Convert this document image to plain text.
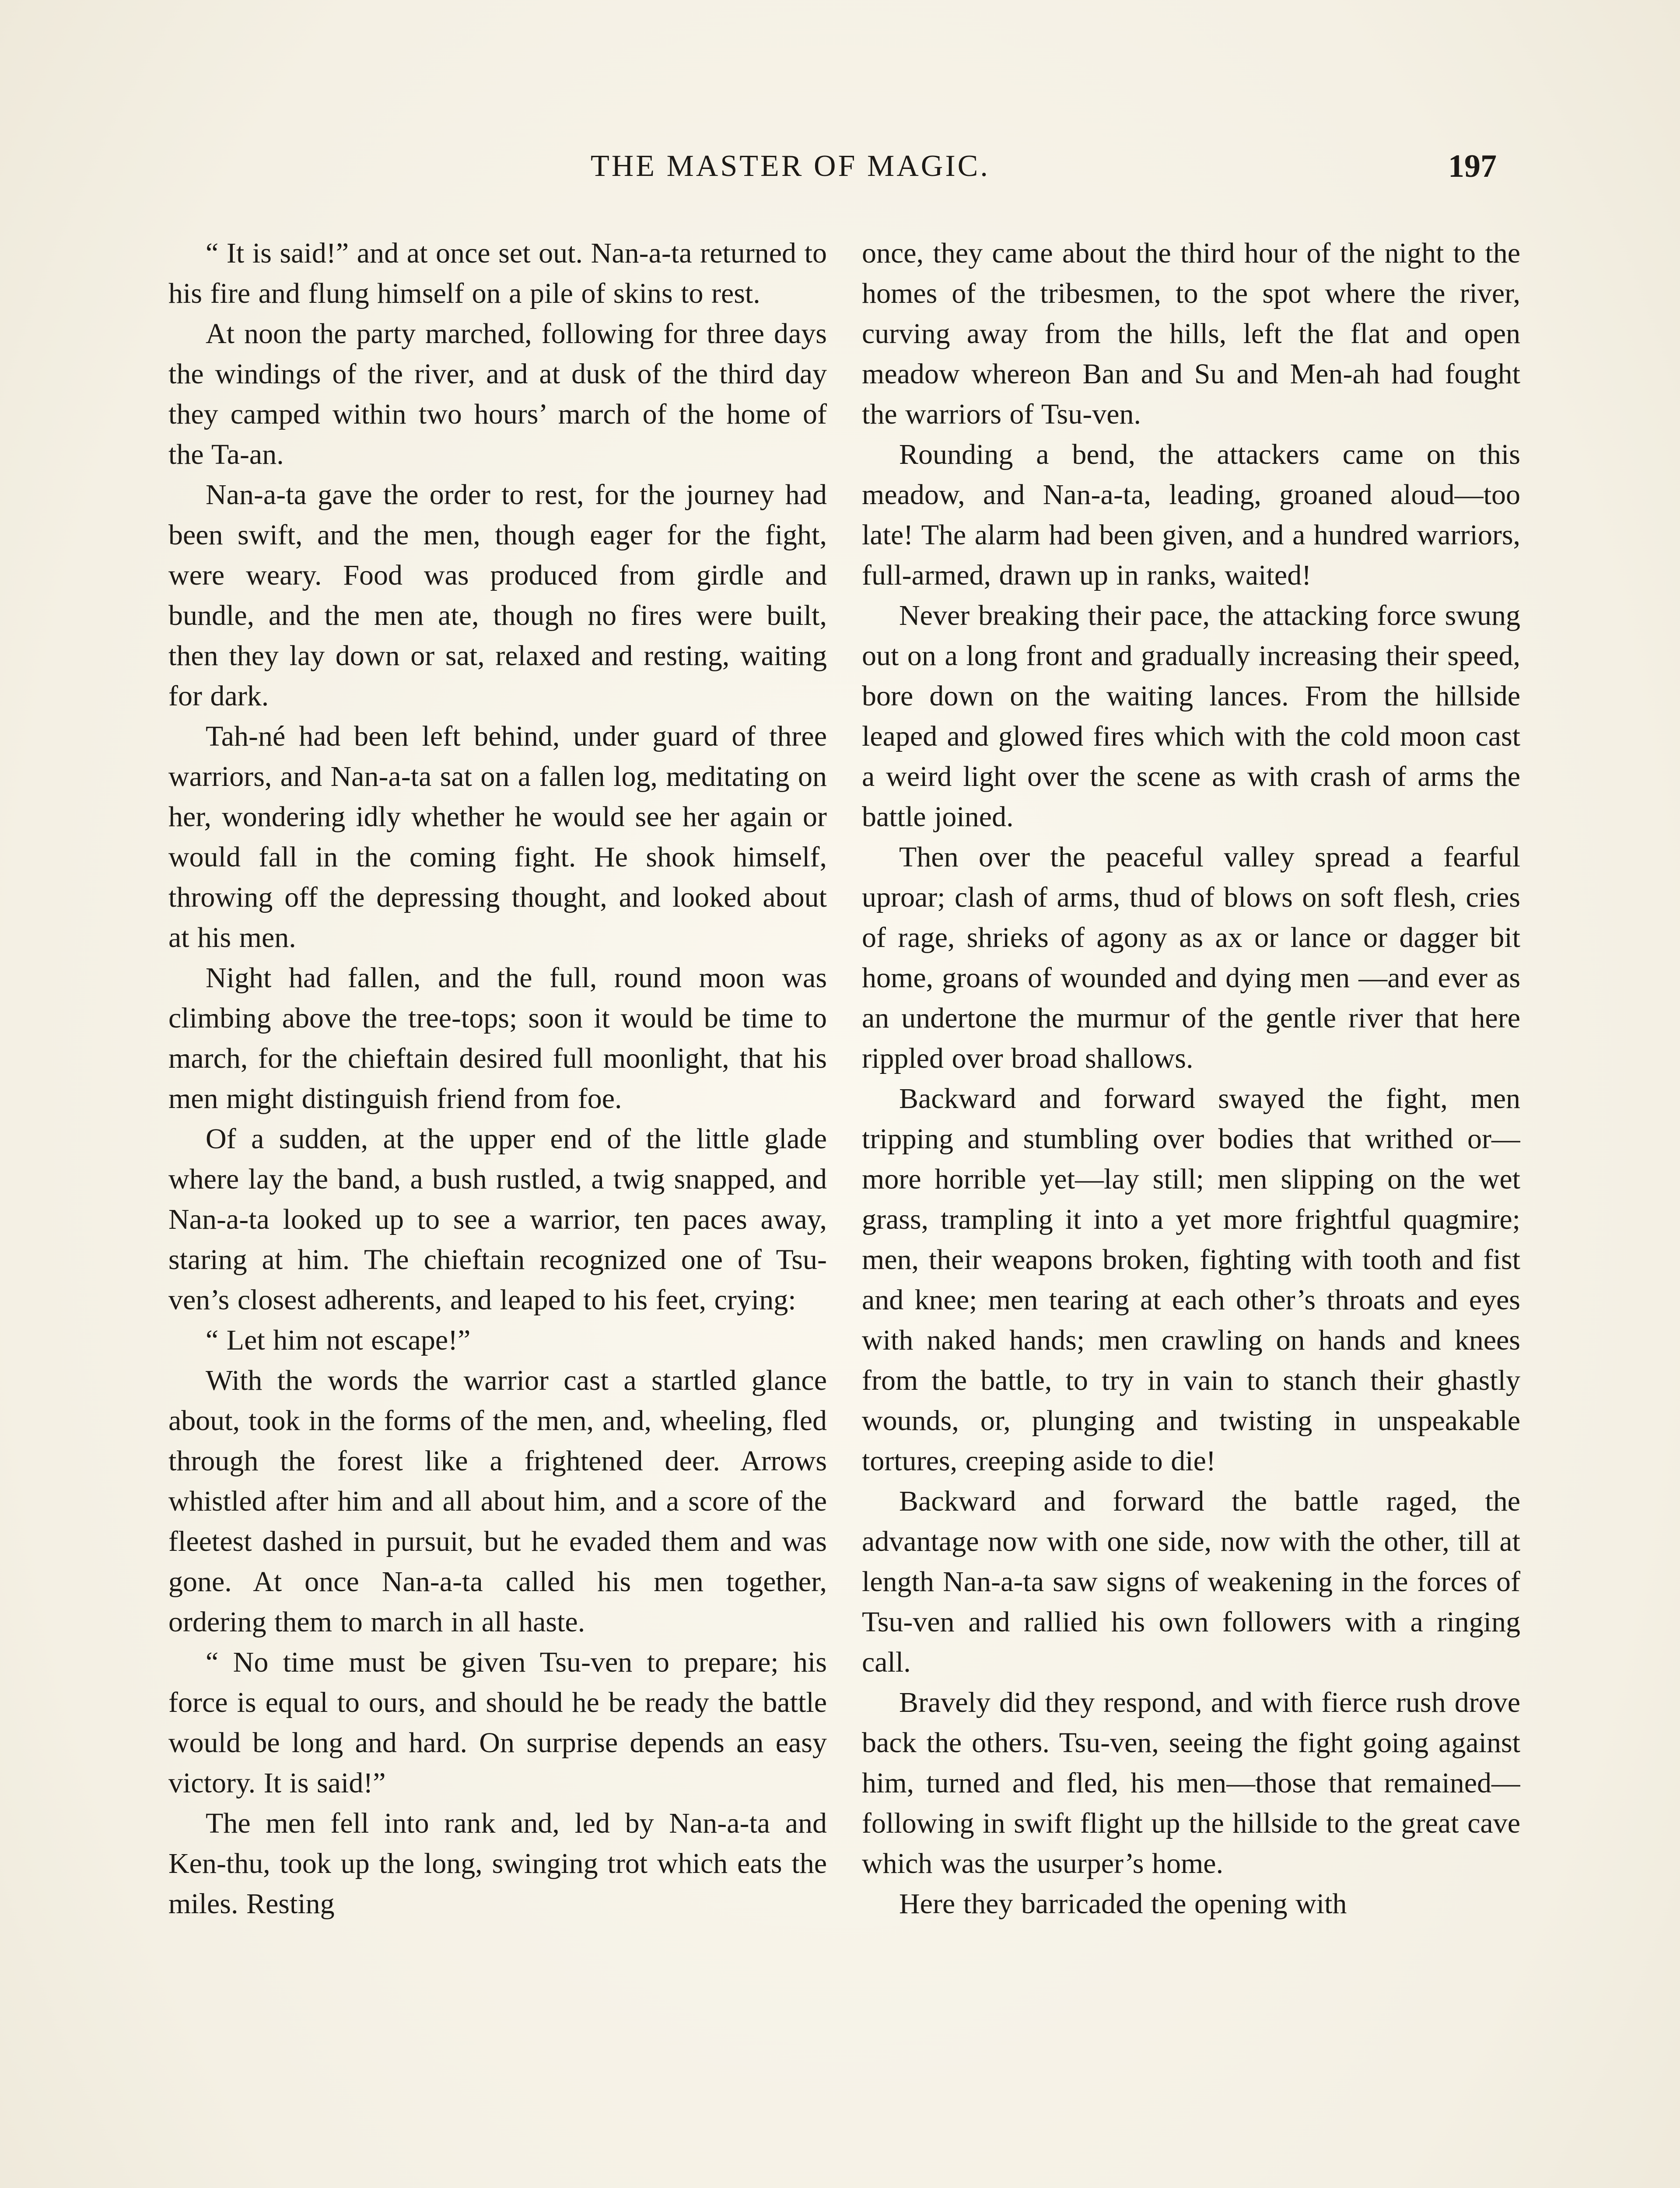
THE MASTER OF MAGIC.	197

“ It is said!” and at once set out. Nan-a-ta returned to his fire and flung himself on a pile of skins to rest.

At noon the party marched, following for three days the windings of the river, and at dusk of the third day they camped within two hours’ march of the home of the Ta-an.

Nan-a-ta gave the order to rest, for the journey had been swift, and the men, though eager for the fight, were weary. Food was produced from girdle and bundle, and the men ate, though no fires were built, then they lay down or sat, relaxed and resting, waiting for dark.

Tah-né had been left behind, under guard of three warriors, and Nan-a-ta sat on a fallen log, meditating on her, wondering idly whether he would see her again or would fall in the coming fight. He shook himself, throwing off the depressing thought, and looked about at his men.

Night had fallen, and the full, round moon was climbing above the tree-tops; soon it would be time to march, for the chieftain desired full moonlight, that his men might distinguish friend from foe.

Of a sudden, at the upper end of the little glade where lay the band, a bush rustled, a twig snapped, and Nan-a-ta looked up to see a warrior, ten paces away, staring at him. The chieftain recognized one of Tsu-ven’s closest adherents, and leaped to his feet, crying:

“ Let him not escape!”

With the words the warrior cast a startled glance about, took in the forms of the men, and, wheeling, fled through the forest like a frightened deer. Arrows whistled after him and all about him, and a score of the fleetest dashed in pursuit, but he evaded them and was gone. At once Nan-a-ta called his men together, ordering them to march in all haste.

“ No time must be given Tsu-ven to prepare; his force is equal to ours, and should he be ready the battle would be long and hard. On surprise depends an easy victory. It is said!”

The men fell into rank and, led by Nan-a-ta and Ken-thu, took up the long, swinging trot which eats the miles. Resting

once, they came about the third hour of the night to the homes of the tribesmen, to the spot where the river, curving away from the hills, left the flat and open meadow whereon Ban and Su and Men-ah had fought the warriors of Tsu-ven.

Rounding a bend, the attackers came on this meadow, and Nan-a-ta, leading, groaned aloud—too late! The alarm had been given, and a hundred warriors, full-armed, drawn up in ranks, waited!

Never breaking their pace, the attacking force swung out on a long front and gradually increasing their speed, bore down on the waiting lances. From the hillside leaped and glowed fires which with the cold moon cast a weird light over the scene as with crash of arms the battle joined.

Then over the peaceful valley spread a fearful uproar; clash of arms, thud of blows on soft flesh, cries of rage, shrieks of agony as ax or lance or dagger bit home, groans of wounded and dying men —and ever as an undertone the murmur of the gentle river that here rippled over broad shallows.

Backward and forward swayed the fight, men tripping and stumbling over bodies that writhed or—more horrible yet—lay still; men slipping on the wet grass, trampling it into a yet more frightful quagmire; men, their weapons broken, fighting with tooth and fist and knee; men tearing at each other’s throats and eyes with naked hands; men crawling on hands and knees from the battle, to try in vain to stanch their ghastly wounds, or, plunging and twisting in unspeakable tortures, creeping aside to die!

Backward and forward the battle raged, the advantage now with one side, now with the other, till at length Nan-a-ta saw signs of weakening in the forces of Tsu-ven and rallied his own followers with a ringing call.

Bravely did they respond, and with fierce rush drove back the others. Tsu-ven, seeing the fight going against him, turned and fled, his men—those that remained—following in swift flight up the hillside to the great cave which was the usurper’s home.

Here they barricaded the opening with
